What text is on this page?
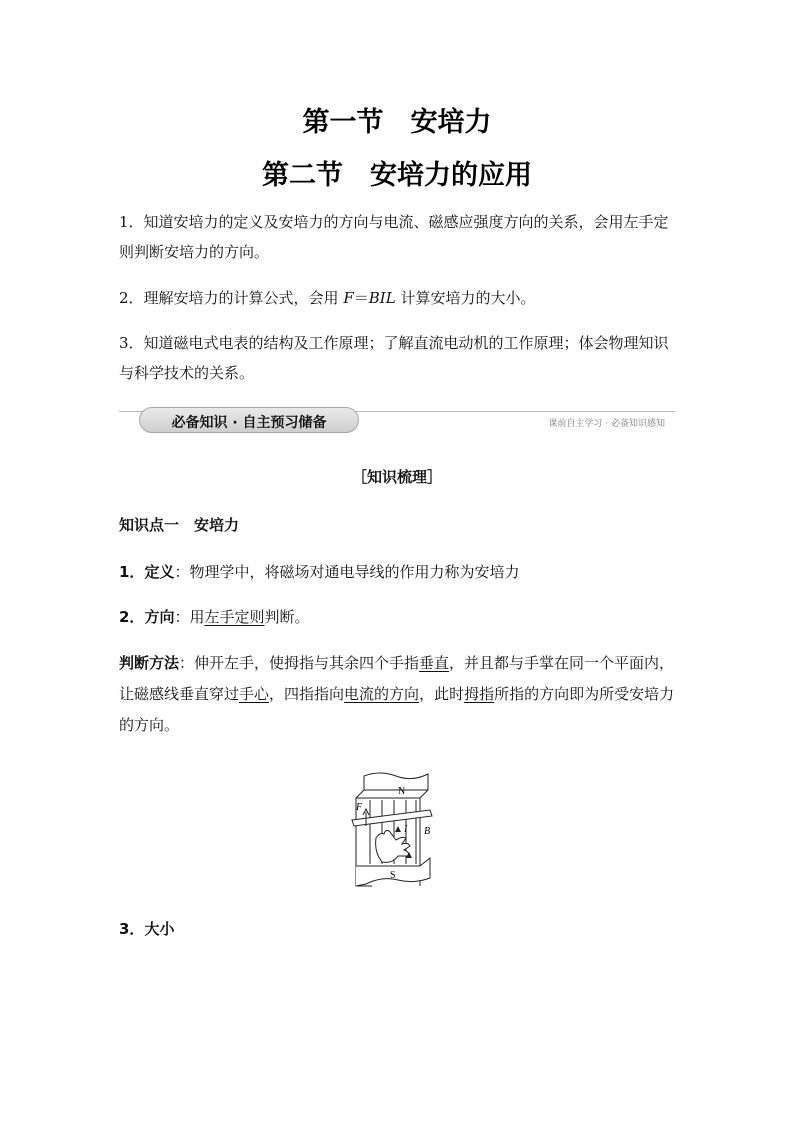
第一节　安培力
第二节　安培力的应用
1．知道安培力的定义及安培力的方向与电流、磁感应强度方向的关系，会用左手定则判断安培力的方向。
2．理解安培力的计算公式，会用 F＝BIL 计算安培力的大小。
3．知道磁电式电表的结构及工作原理；了解直流电动机的工作原理；体会物理知识与科学技术的关系。
必备知识 · 自主预习储备	课前自主学习 · 必备知识感知
［知识梳理］
知识点一　安培力
1．定义：物理学中，将磁场对通电导线的作用力称为安培力
2．方向：用左手定则判断。
判断方法：伸开左手，使拇指与其余四个手指垂直，并且都与手掌在同一个平面内，让磁感线垂直穿过手心，四指指向电流的方向，此时拇指所指的方向即为所受安培力的方向。
N
S
F
I B
3．大小
